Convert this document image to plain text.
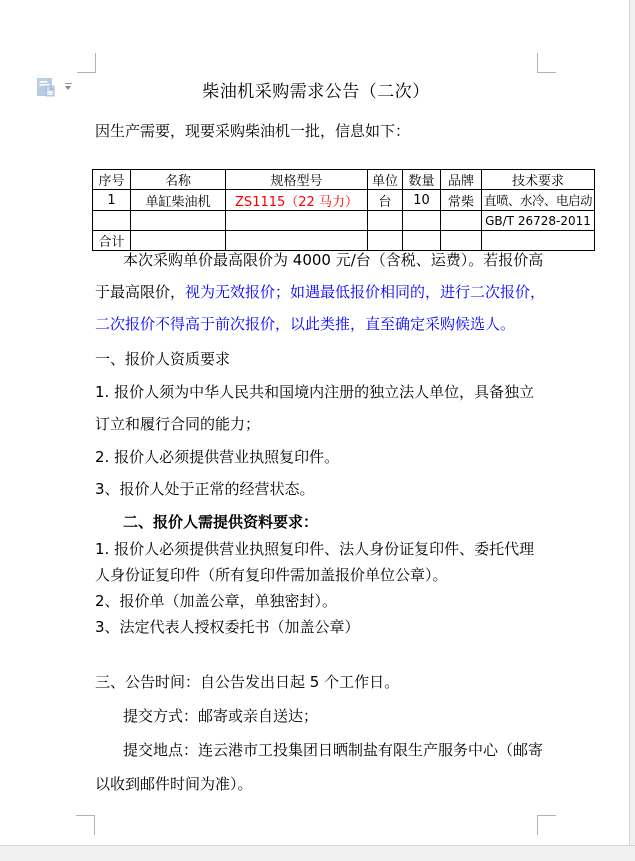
柴油机采购需求公告（二次）
因生产需要，现要采购柴油机一批，信息如下：
序号	名称	规格型号	单位	数量	品牌	技术要求
1	单缸柴油机	ZS1115（22 马力）	台	10	常柴	直喷、水冷、电启动
						GB/T 26728-2011
合计						
本次采购单价最高限价为 4000 元/台（含税、运费）。若报价高
于最高限价，视为无效报价；如遇最低报价相同的，进行二次报价，
二次报价不得高于前次报价，以此类推，直至确定采购候选人。
一、报价人资质要求
1. 报价人须为中华人民共和国境内注册的独立法人单位，具备独立
订立和履行合同的能力；
2. 报价人必须提供营业执照复印件。
3、报价人处于正常的经营状态。
二、报价人需提供资料要求：
1. 报价人必须提供营业执照复印件、法人身份证复印件、委托代理
人身份证复印件（所有复印件需加盖报价单位公章）。
2、报价单（加盖公章，单独密封）。
3、法定代表人授权委托书（加盖公章）
三、公告时间：自公告发出日起 5 个工作日。
提交方式：邮寄或亲自送达；
提交地点：连云港市工投集团日晒制盐有限生产服务中心（邮寄
以收到邮件时间为准）。
